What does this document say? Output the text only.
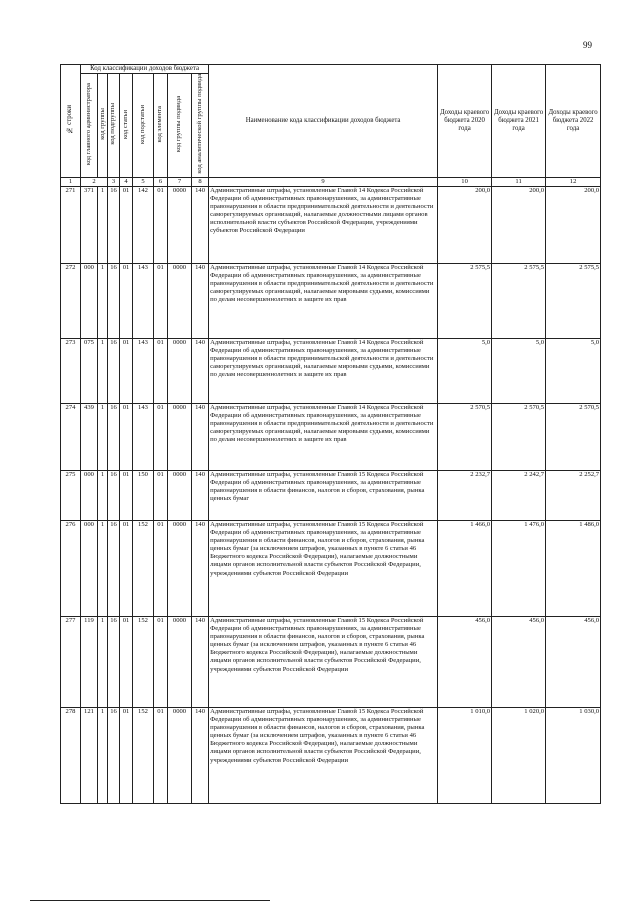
99
№ строки	Код классификации доходов бюджета								Наименование кода классификации доходов бюджета	Доходы краевого бюджета 2020 года	Доходы краевого бюджета 2021 года	Доходы краевого бюджета 2022 года
	код главного администратора	код группы	код подгруппы	код статьи	код подстатьи	код элемента	код группы подвида	код аналитической группы подвида				
1	2		3	4	5	6	7	8	9	10	11	12
271	371	1	16	01	142	01	0000	140	Административные штрафы, установленные Главой 14 Кодекса Российской Федерации об административных правонарушениях, за административные правонарушения в области предпринимательской деятельности и деятельности саморегулируемых организаций, налагаемые должностными лицами органов исполнительной власти субъектов Российской Федерации, учреждениями субъектов Российской Федерации	200,0	200,0	200,0
272	000	1	16	01	143	01	0000	140	Административные штрафы, установленные Главой 14 Кодекса Российской Федерации об административных правонарушениях, за административные правонарушения в области предпринимательской деятельности и деятельности саморегулируемых организаций, налагаемые мировыми судьями, комиссиями по делам несовершеннолетних и защите их прав	2 575,5	2 575,5	2 575,5
273	075	1	16	01	143	01	0000	140	Административные штрафы, установленные Главой 14 Кодекса Российской Федерации об административных правонарушениях, за административные правонарушения в области предпринимательской деятельности и деятельности саморегулируемых организаций, налагаемые мировыми судьями, комиссиями по делам несовершеннолетних и защите их прав	5,0	5,0	5,0
274	439	1	16	01	143	01	0000	140	Административные штрафы, установленные Главой 14 Кодекса Российской Федерации об административных правонарушениях, за административные правонарушения в области предпринимательской деятельности и деятельности саморегулируемых организаций, налагаемые мировыми судьями, комиссиями по делам несовершеннолетних и защите их прав	2 570,5	2 570,5	2 570,5
275	000	1	16	01	150	01	0000	140	Административные штрафы, установленные Главой 15 Кодекса Российской Федерации об административных правонарушениях, за административные правонарушения в области финансов, налогов и сборов, страхования, рынка ценных бумаг	2 232,7	2 242,7	2 252,7
276	000	1	16	01	152	01	0000	140	Административные штрафы, установленные Главой 15 Кодекса Российской Федерации об административных правонарушениях, за административные правонарушения в области финансов, налогов и сборов, страхования, рынка ценных бумаг (за исключением штрафов, указанных в пункте 6 статьи 46 Бюджетного кодекса Российской Федерации), налагаемые должностными лицами органов исполнительной власти субъектов Российской Федерации, учреждениями субъектов Российской Федерации	1 466,0	1 476,0	1 486,0
277	119	1	16	01	152	01	0000	140	Административные штрафы, установленные Главой 15 Кодекса Российской Федерации об административных правонарушениях, за административные правонарушения в области финансов, налогов и сборов, страхования, рынка ценных бумаг (за исключением штрафов, указанных в пункте 6 статьи 46 Бюджетного кодекса Российской Федерации), налагаемые должностными лицами органов исполнительной власти субъектов Российской Федерации, учреждениями субъектов Российской Федерации	456,0	456,0	456,0
278	121	1	16	01	152	01	0000	140	Административные штрафы, установленные Главой 15 Кодекса Российской Федерации об административных правонарушениях, за административные правонарушения в области финансов, налогов и сборов, страхования, рынка ценных бумаг (за исключением штрафов, указанных в пункте 6 статьи 46 Бюджетного кодекса Российской Федерации), налагаемые должностными лицами органов исполнительной власти субъектов Российской Федерации, учреждениями субъектов Российской Федерации	1 010,0	1 020,0	1 030,0
